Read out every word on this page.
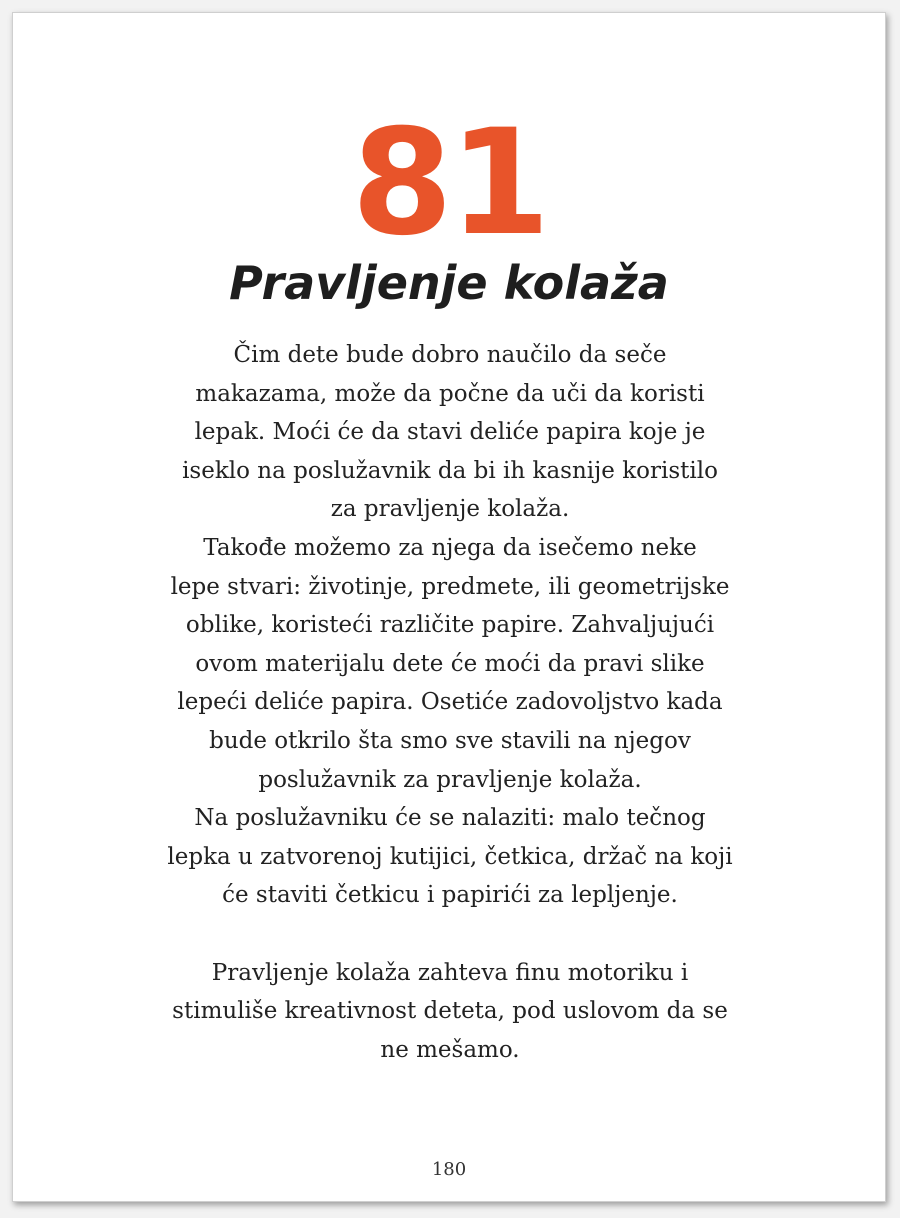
81
Pravljenje kolaža
Čim dete bude dobro naučilo da seče
makazama, može da počne da uči da koristi
lepak. Moći će da stavi deliće papira koje je
iseklo na poslužavnik da bi ih kasnije koristilo
za pravljenje kolaža.
Takođe možemo za njega da isečemo neke
lepe stvari: životinje, predmete, ili geometrijske
oblike, koristeći različite papire. Zahvaljujući
ovom materijalu dete će moći da pravi slike
lepeći deliće papira. Osetiće zadovoljstvo kada
bude otkrilo šta smo sve stavili na njegov
poslužavnik za pravljenje kolaža.
Na poslužavniku će se nalaziti: malo tečnog
lepka u zatvorenoj kutijici, četkica, držač na koji
će staviti četkicu i papirići za lepljenje.
Pravljenje kolaža zahteva finu motoriku i
stimuliše kreativnost deteta, pod uslovom da se
ne mešamo.
180
